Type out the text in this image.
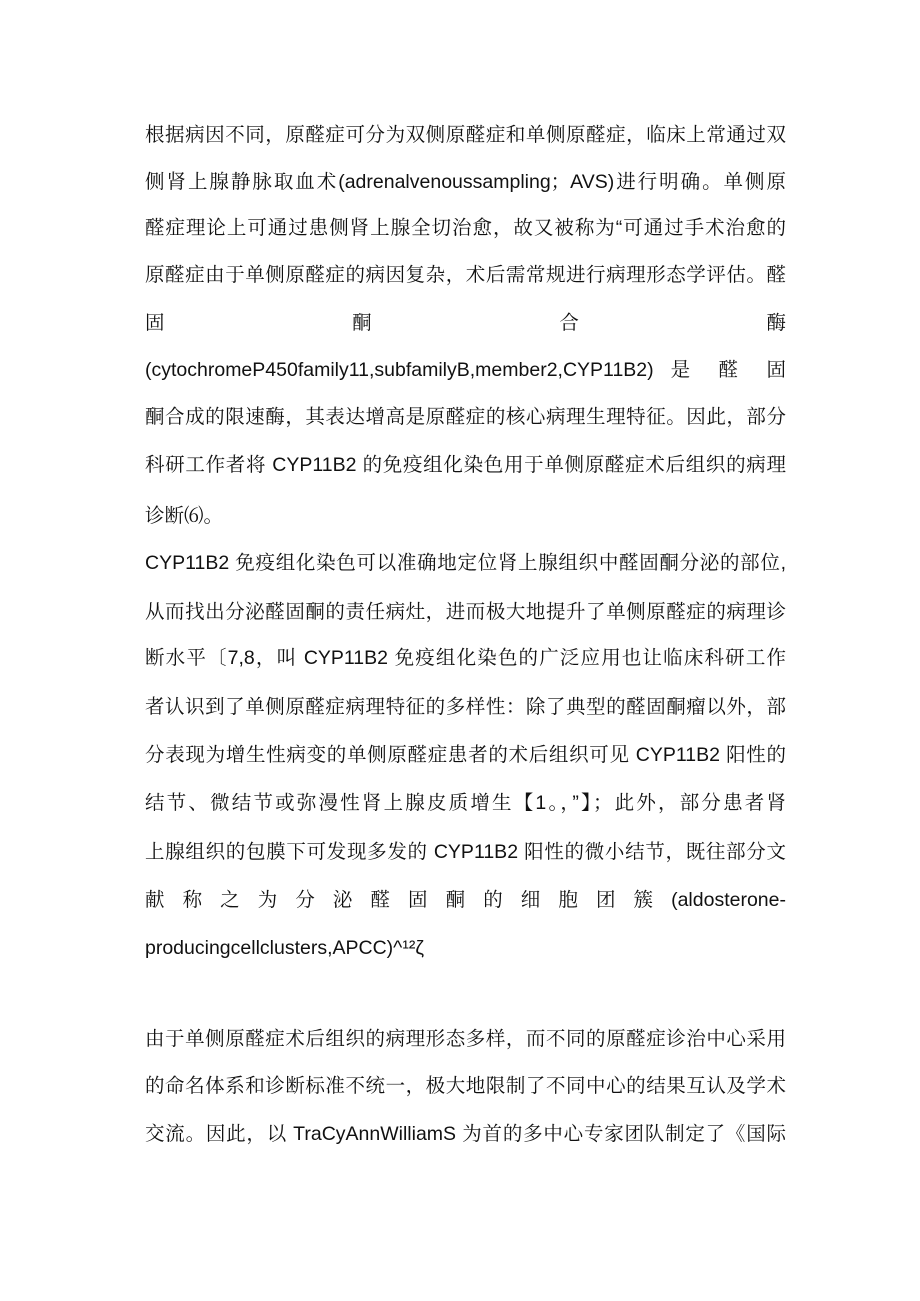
根据病因不同，原醛症可分为双侧原醛症和单侧原醛症，临床上常通过双
侧肾上腺静脉取血术(adrenalvenoussampling；AVS)进行明确。单侧原
醛症理论上可通过患侧肾上腺全切治愈，故又被称为“可通过手术治愈的
原醛症由于单侧原醛症的病因复杂，术后需常规进行病理形态学评估。醛
固 酮 合 酶
(cytochromeP450family11,subfamilyB,member2,CYP11B2) 是 醛 固
酮合成的限速酶，其表达增高是原醛症的核心病理生理特征。因此，部分
科研工作者将 CYP11B2 的免疫组化染色用于单侧原醛症术后组织的病理
诊断⑹。
CYP11B2 免疫组化染色可以准确地定位肾上腺组织中醛固酮分泌的部位,
从而找出分泌醛固酮的责任病灶，进而极大地提升了单侧原醛症的病理诊
断水平〔7,8，叫 CYP11B2 免疫组化染色的广泛应用也让临床科研工作
者认识到了单侧原醛症病理特征的多样性：除了典型的醛固酮瘤以外，部
分表现为增生性病变的单侧原醛症患者的术后组织可见 CYP11B2 阳性的
结节、微结节或弥漫性肾上腺皮质增生【1。，”】；此外，部分患者肾
上腺组织的包膜下可发现多发的 CYP11B2 阳性的微小结节，既往部分文
献 称 之 为 分 泌 醛 固 酮 的 细 胞 团 簇 (aldosterone-
producingcellclusters,APCC)^¹²ζ
由于单侧原醛症术后组织的病理形态多样，而不同的原醛症诊治中心采用
的命名体系和诊断标准不统一，极大地限制了不同中心的结果互认及学术
交流。因此，以 TraCyAnnWilliamS 为首的多中心专家团队制定了《国际
